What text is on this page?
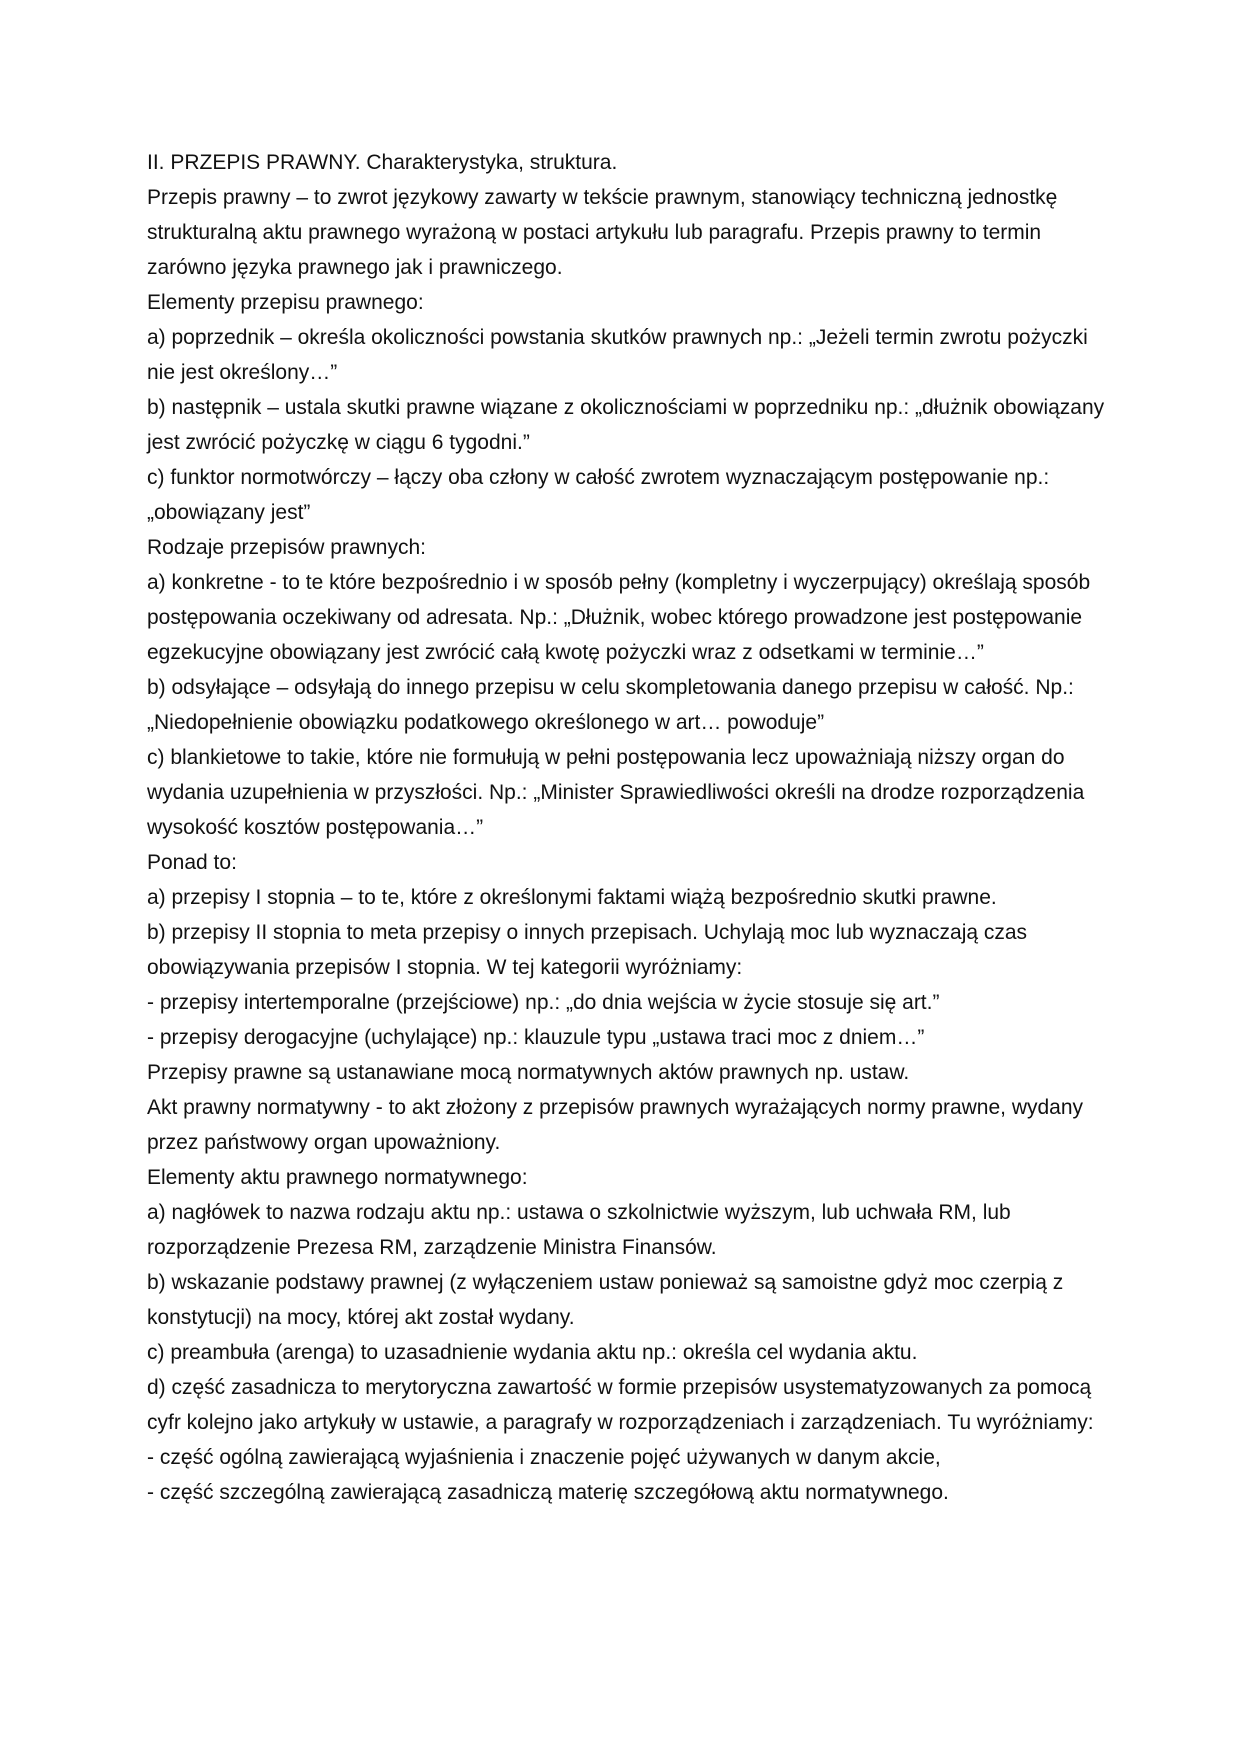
II. PRZEPIS PRAWNY. Charakterystyka, struktura.

Przepis prawny – to zwrot językowy zawarty w tekście prawnym, stanowiący techniczną jednostkę strukturalną aktu prawnego wyrażoną w postaci artykułu lub paragrafu. Przepis prawny to termin zarówno języka prawnego jak i prawniczego.

Elementy przepisu prawnego:

a) poprzednik – określa okoliczności powstania skutków prawnych np.: „Jeżeli termin zwrotu pożyczki nie jest określony…”

b) następnik – ustala skutki prawne wiązane z okolicznościami w poprzedniku np.: „dłużnik obowiązany jest zwrócić pożyczkę w ciągu 6 tygodni.”

c) funktor normotwórczy – łączy oba człony w całość zwrotem wyznaczającym postępowanie np.: „obowiązany jest”

Rodzaje przepisów prawnych:

a) konkretne - to te które bezpośrednio i w sposób pełny (kompletny i wyczerpujący) określają sposób postępowania oczekiwany od adresata. Np.: „Dłużnik, wobec którego prowadzone jest postępowanie egzekucyjne obowiązany jest zwrócić całą kwotę pożyczki wraz z odsetkami w terminie…”

b) odsyłające – odsyłają do innego przepisu w celu skompletowania danego przepisu w całość. Np.: „Niedopełnienie obowiązku podatkowego określonego w art… powoduje”

c) blankietowe to takie, które nie formułują w pełni postępowania lecz upoważniają niższy organ do wydania uzupełnienia w przyszłości. Np.: „Minister Sprawiedliwości określi na drodze rozporządzenia wysokość kosztów postępowania…”

Ponad to:

a) przepisy I stopnia – to te, które z określonymi faktami wiążą bezpośrednio skutki prawne.

b) przepisy II stopnia to meta przepisy o innych przepisach. Uchylają moc lub wyznaczają czas obowiązywania przepisów I stopnia. W tej kategorii wyróżniamy:

- przepisy intertemporalne (przejściowe) np.: „do dnia wejścia w życie stosuje się art.”

- przepisy derogacyjne (uchylające) np.: klauzule typu „ustawa traci moc z dniem…”

Przepisy prawne są ustanawiane mocą normatywnych aktów prawnych np. ustaw.

Akt prawny normatywny - to akt złożony z przepisów prawnych wyrażających normy prawne, wydany przez państwowy organ upoważniony.

Elementy aktu prawnego normatywnego:

a) nagłówek to nazwa rodzaju aktu np.: ustawa o szkolnictwie wyższym, lub uchwała RM, lub rozporządzenie Prezesa RM, zarządzenie Ministra Finansów.

b) wskazanie podstawy prawnej (z wyłączeniem ustaw ponieważ są samoistne gdyż moc czerpią z konstytucji) na mocy, której akt został wydany.

c) preambuła (arenga) to uzasadnienie wydania aktu np.: określa cel wydania aktu.

d) część zasadnicza to merytoryczna zawartość w formie przepisów usystematyzowanych za pomocą cyfr kolejno jako artykuły w ustawie, a paragrafy w rozporządzeniach i zarządzeniach. Tu wyróżniamy:

- część ogólną zawierającą wyjaśnienia i znaczenie pojęć używanych w danym akcie,

- część szczególną zawierającą zasadniczą materię szczegółową aktu normatywnego.
